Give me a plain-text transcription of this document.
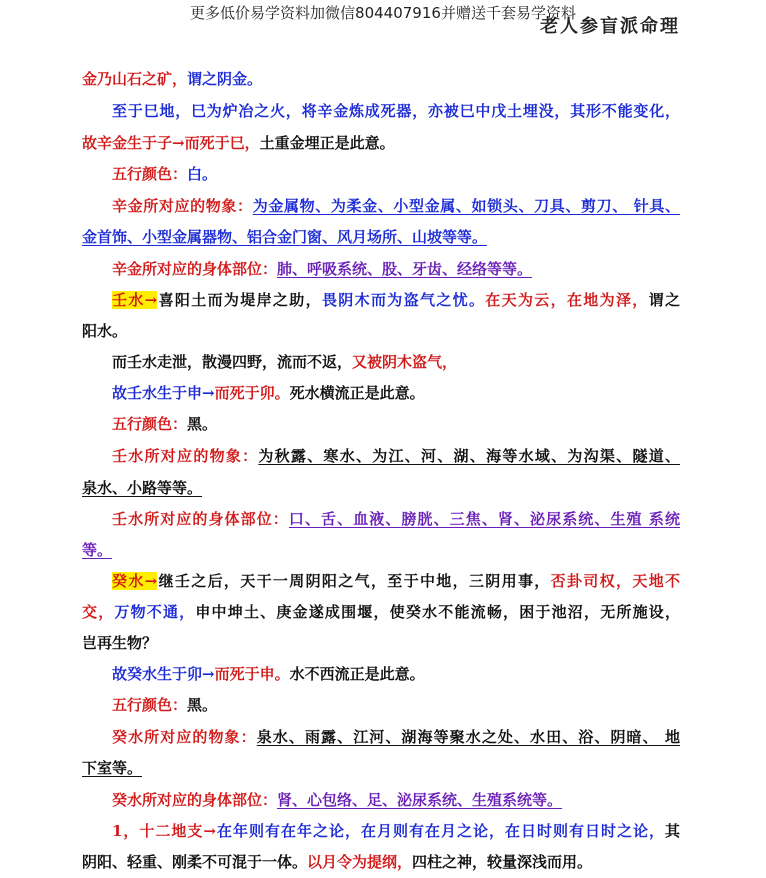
更多低价易学资料加微信804407916并赠送千套易学资料
老人参盲派命理
金乃山石之矿，谓之阴金。
至于巳地，巳为炉冶之火，将辛金炼成死器，亦被巳中戊土埋没，其形不能变化，
故辛金生于子→而死于巳，土重金埋正是此意。
五行颜色：白。
辛金所对应的物象：为金属物、为柔金、小型金属、如锁头、刀具、剪刀、 针具、
金首饰、小型金属器物、铝合金门窗、风月场所、山坡等等。
辛金所对应的身体部位：肺、呼吸系统、股、牙齿、经络等等。
壬水→喜阳土而为堤岸之助，畏阴木而为盗气之忧。在天为云，在地为泽，谓之
阳水。
而壬水走泄，散漫四野，流而不返，又被阴木盗气，
故壬水生于申→而死于卯。死水横流正是此意。
五行颜色：黑。
壬水所对应的物象：为秋露、寒水、为江、河、湖、海等水域、为沟渠、隧道、
泉水、小路等等。
壬水所对应的身体部位：口、舌、血液、膀胱、三焦、肾、泌尿系统、生殖 系统
等。
癸水→继壬之后，天干一周阴阳之气，至于中地，三阴用事，否卦司权，天地不
交，万物不通，申中坤土、庚金遂成围堰，使癸水不能流畅，困于池沼，无所施设，
岂再生物？
故癸水生于卯→而死于申。水不西流正是此意。
五行颜色：黑。
癸水所对应的物象：泉水、雨露、江河、湖海等聚水之处、水田、浴、阴暗、 地
下室等。
癸水所对应的身体部位：肾、心包络、足、泌尿系统、生殖系统等。
1，十二地支→在年则有在年之论，在月则有在月之论，在日时则有日时之论，其
阴阳、轻重、刚柔不可混于一体。以月令为提纲，四柱之神，较量深浅而用。
